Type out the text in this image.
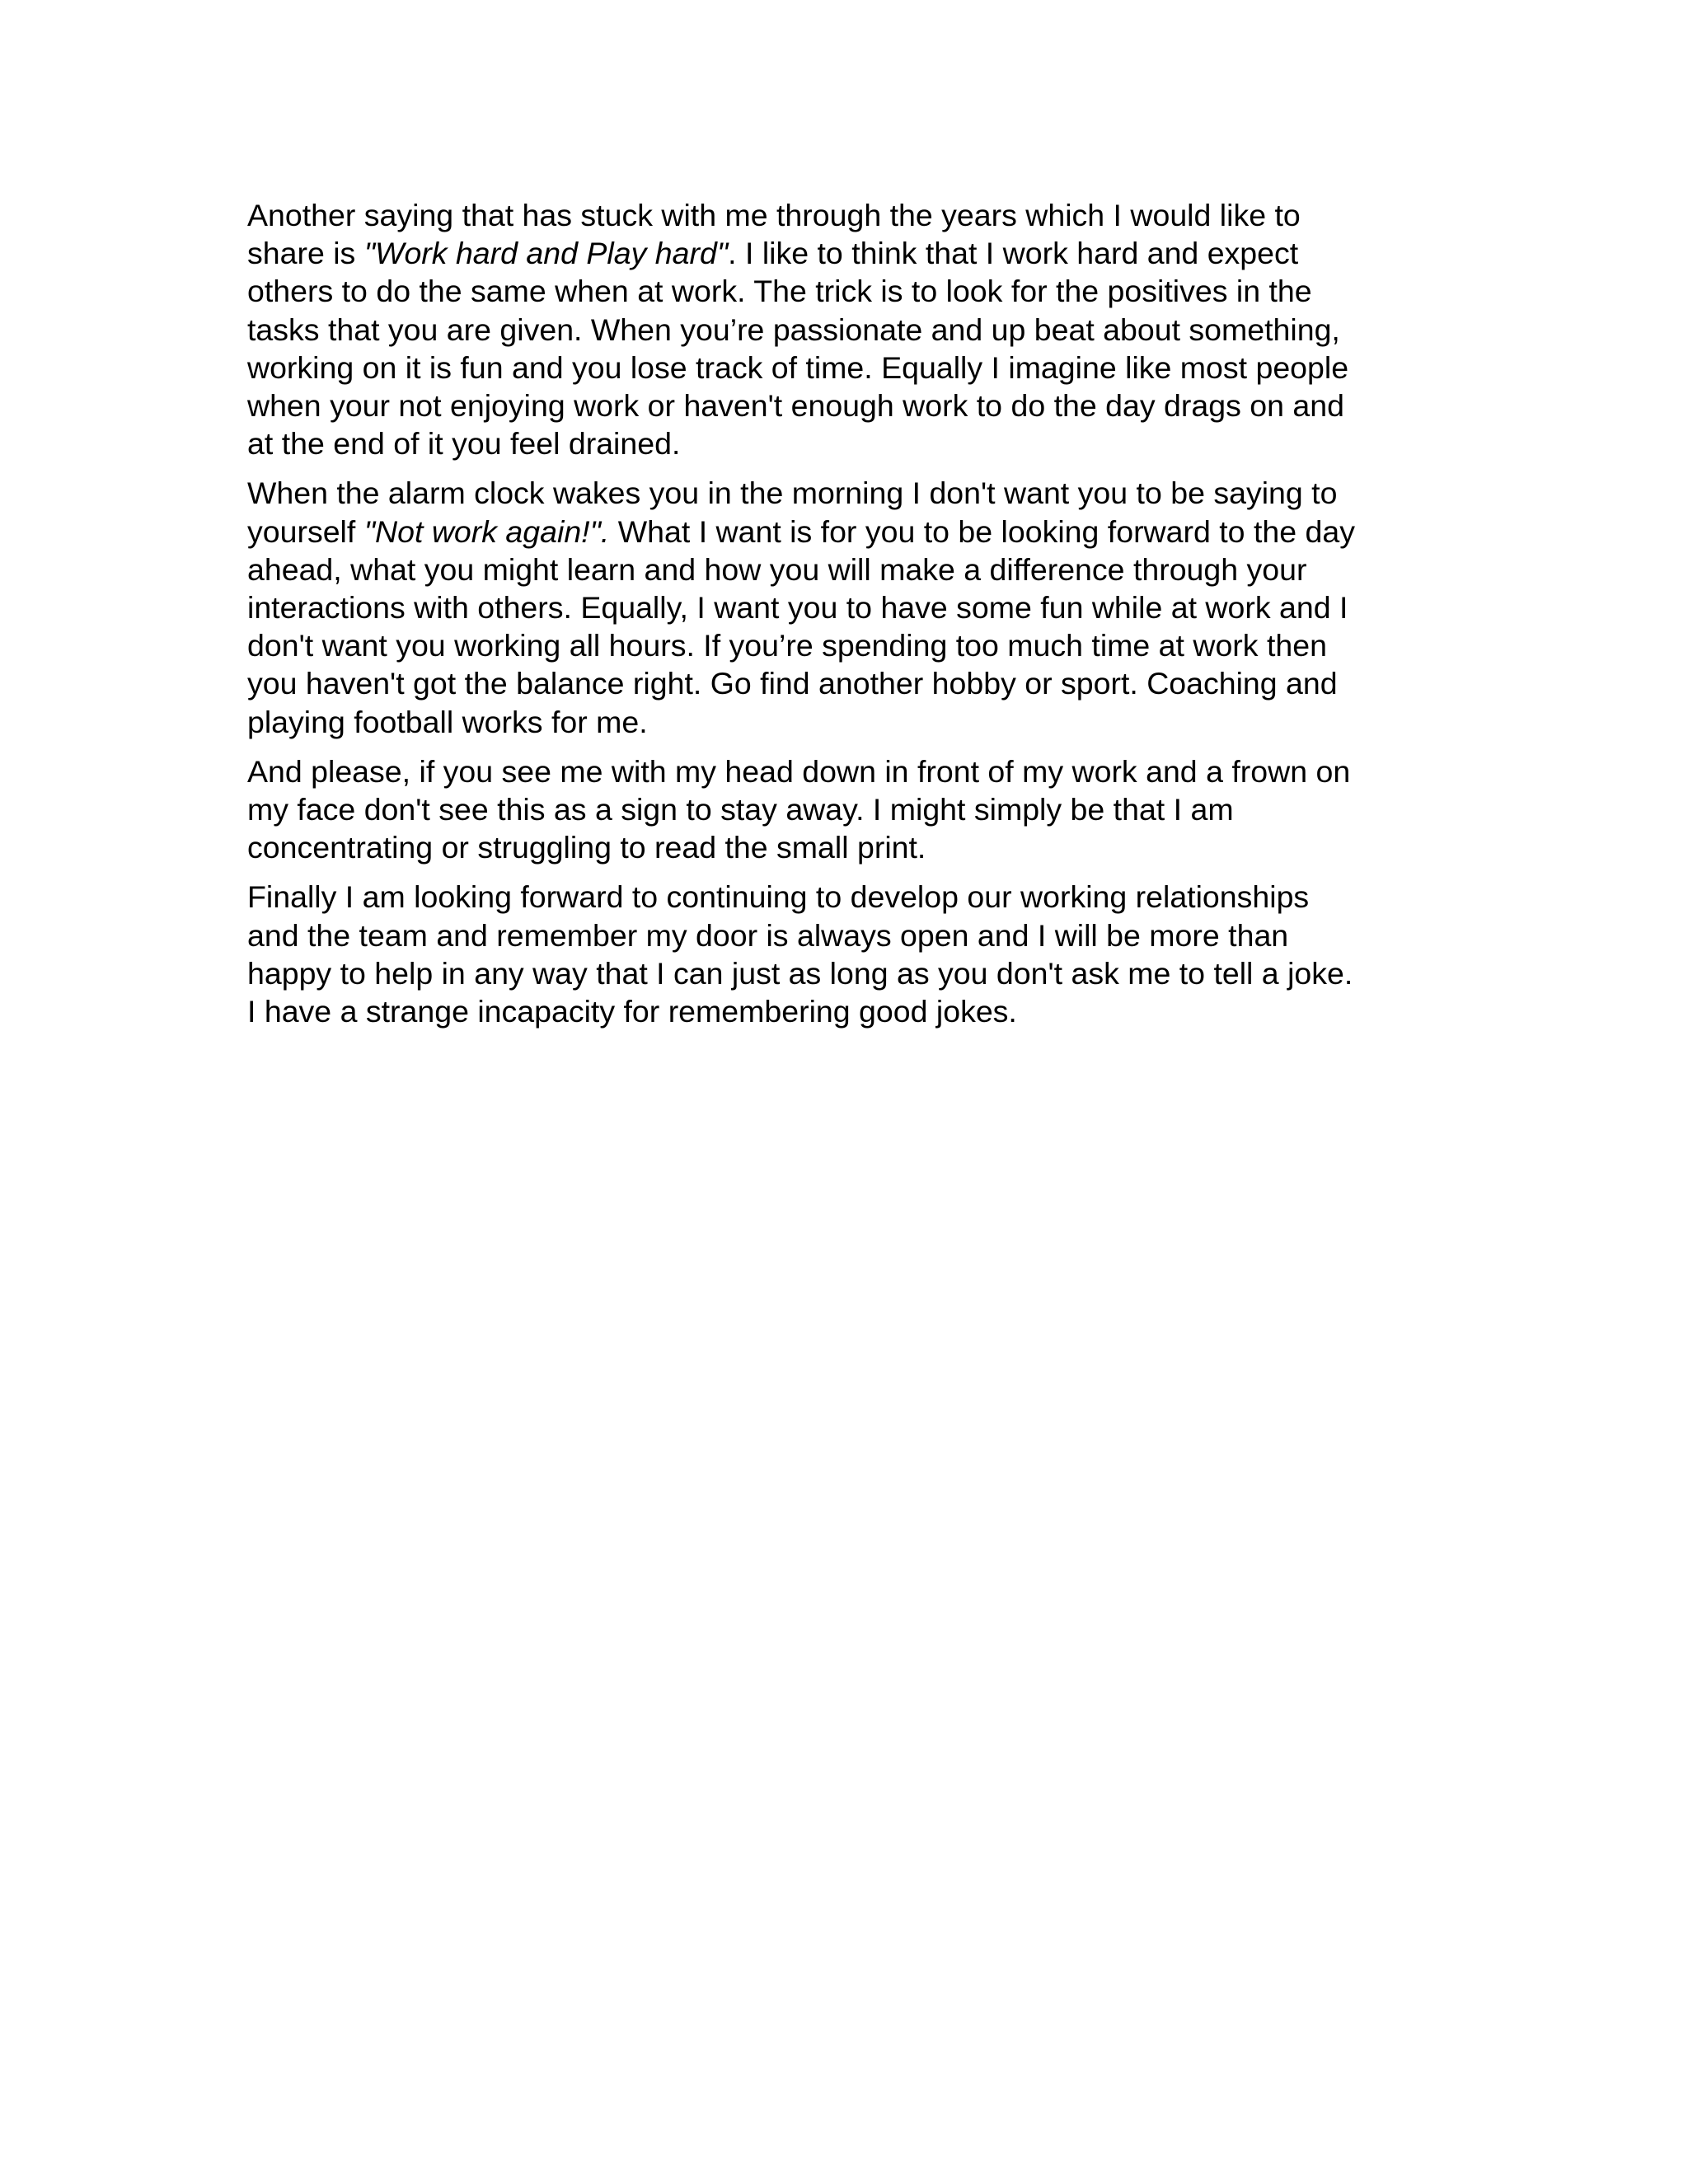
Another saying that has stuck with me through the years which I would like to
share is "Work hard and Play hard". I like to think that I work hard and expect
others to do the same when at work. The trick is to look for the positives in the
tasks that you are given. When you’re passionate and up beat about something,
working on it is fun and you lose track of time. Equally I imagine like most people
when your not enjoying work or haven't enough work to do the day drags on and
at the end of it you feel drained.

When the alarm clock wakes you in the morning I don't want you to be saying to
yourself "Not work again!". What I want is for you to be looking forward to the day
ahead, what you might learn and how you will make a difference through your
interactions with others. Equally, I want you to have some fun while at work and I
don't want you working all hours. If you’re spending too much time at work then
you haven't got the balance right. Go find another hobby or sport. Coaching and
playing football works for me.

And please, if you see me with my head down in front of my work and a frown on
my face don't see this as a sign to stay away. I might simply be that I am
concentrating or struggling to read the small print.

Finally I am looking forward to continuing to develop our working relationships
and the team and remember my door is always open and I will be more than
happy to help in any way that I can just as long as you don't ask me to tell a joke.
I have a strange incapacity for remembering good jokes.
